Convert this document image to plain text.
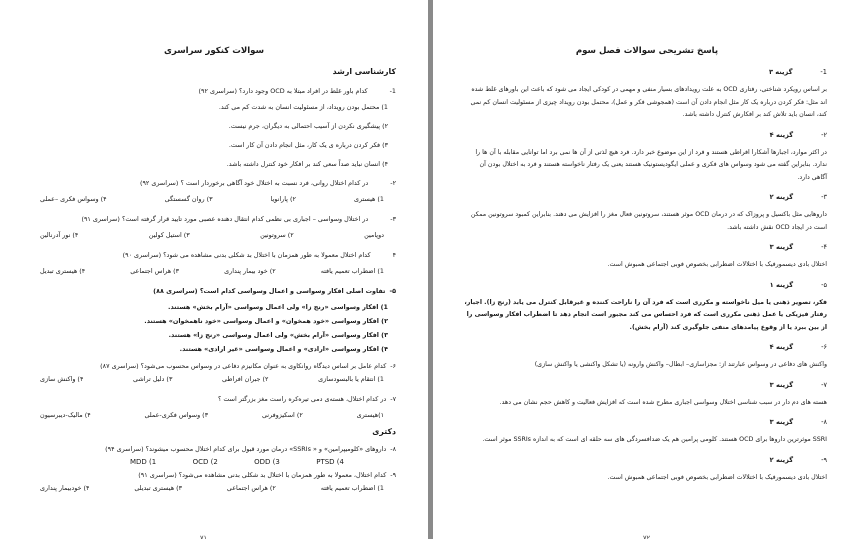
سوالات کنکور سراسری
کارشناسی ارشد
1-کدام باور غلط در افراد مبتلا به OCD وجود دارد؟ (سراسری ۹۲)
1) محتمل بودن رویداد، از مسئولیت انسان به شدت کم می کند.
۲) پیشگیری نکردن از آسیب احتمالی به دیگران، جرم نیست.
۳) فکر کردن درباره ی یک کار، مثل انجام دادن آن کار است.
۴) انسان نباید صداً سعی کند بر افکار خود کنترل داشته باشد.
۲-در کدام اختلال روانی، فرد نسبت به اختلال خود آگاهی برخوردار است ؟ (سراسری ۹۲)
1) هیستری
۲) پارانویا
۳) روان گسستگی
۴) وسواس فکری –عملی
۳-در اختلال وسواسی – اجباری بی نظمی کدام انتقال دهنده عصبی مورد تایید قرار گرفته است؟ (سراسری ۹۱)
دوپامین
۲) سروتونین
۳) استیل کولین
۴) نور آدرنالین
۴کدام اختلال معمولا به طور همزمان با اختلال بد شکلی بدنی مشاهده می شود؟ (سراسری ۹۰)
1) اضطراب تعمیم یافته
۲) خود بیمار پنداری
۳) هراس اجتماعی
۴) هیستری تبدیل
۵-تفاوت اصلی افکار وسواسی و اعمال وسواسی کدام است؟ (سراسری ۸۸)
1) افکار وسواسی «رنج زا» ولی اعمال وسواسی «آرام بخش» هستند.
۲) افکار وسواسی «خود همخوان» و اعمال وسواسی «خود ناهمخوان» هستند.
۳) افکار وسواسی «آرام بخش» ولی اعمال وسواسی «رنج زا» هستند.
۴) افکار وسواسی «ارادی» و اعمال وسواسی «غیر ارادی» هستند.
۶-کدام عامل بر اساس دیدگاه روانکاوی به عنوان مکانیزم دفاعی در وسواس محسوب می‌شود؟ (سراسری ۸۷)
1) انتقام یا بالبسودسازی
۲) جبران افراطی
۳) دلیل تراشی
۴) واکنش سازی
۷-در کدام اختلال، هسته‌ی دمی تیره‌کره راست مغز بزرگتر است ؟
۱)هیستری
۲) اسکیزوفرنی
۳) وسواس فکری-عملی
۴) مالیک-دیبرسیون
دکتری
۸-داروهای «کلومیپرامین» و « SSRIs» درمان مورد قبول برای کدام اختلال محسوب میشوند؟ (سراسری ۹۴)
MDD (1	OCD (2	ODD (3	PTSD (4
۹-کدام اختلال، معمولا به طور همزمان با اختلال بد شکلی بدنی مشاهده می‌شود؟ (سراسری ۹۱)
1) اضطراب تعمیم یافته
۲) هراس اجتماعی
۳) هیستری تبدیلی
۴) خودبیمار پنداری
۷۱
پاسخ تشریحی سوالات فصل سوم
1-
گزینه ۳
بر اساس رویکرد شناختی، رفتاری OCD به علت رویدادهای بسیار منفی و مهمی در کودکی ایجاد می شود که باعث این باورهای غلط شده اند مثل: فکر کردن درباره یک کار مثل انجام دادن آن است (همجوشی فکر و عمل)، محتمل بودن رویداد چیزی از مسئولیت انسان کم نمی کند، انسان باید تلاش کند بر افکارش کنترل داشته باشد.
۲-
گزینه ۴
در اکثر موارد، اجبارها آشکارا افراطی هستند و فرد از این موضوع خبر دارد. فرد هیچ لذتی از آن ها نمی برد اما توانایی مقابله با آن ها را ندارد. بنابراین گفته می شود وسواس های فکری و عملی ایگودیستونیک هستند یعنی یک رفتار ناخواسته هستند و فرد به اختلال بودن آن آگاهی دارد.
۳-
گزینه ۲
داروهایی مثل باکسیل و پروزاک که در درمان OCD موثر هستند، سروتونین فعال مغز را افزایش می دهند. بنابراین کمبود سروتونین ممکن است در ایجاد OCD نقش داشته باشد.
۴-
گزینه ۳
اختلال بادی دیسمورفیک با اختلالات اضطرابی بخصوص فوبی اجتماعی همبوش است.
۵-
گزینه ۱
فکر، تصویر ذهنی یا میل ناخواسته و مکرری است که فرد آن را ناراحت کننده و غیرقابل کنترل می یابد (رنج زا). اجبار، رفتار فیزیکی یا عمل ذهنی مکرری است که فرد احساس می کند مجبور است انجام دهد تا اضطراب افکار وسواسی را از بین ببرد یا از وقوع پیامدهای منفی جلوگیری کند (آرام بخش).
۶-
گزینه ۴
واکنش های دفاعی در وسواس عبارتند از: مجزاسازی– ابطال– واکنش وارونه (یا تشکل واکنشی یا واکنش سازی)
۷-
گزینه ۳
هسته های دم دار در سبب شناسی اختلال وسواسی اجباری مطرح شده است که افزایش فعالیت و کاهش حجم نشان می دهد.
۸-
گزینه ۳
SSRI موثرترین داروها برای OCD هستند. کلومی پرامین هم یک ضدافسردگی های سه حلقه ای است که به اندازه SSRIs موثر است.
۹-
گزینه ۲
اختلال بادی دیسمورفیک با اختلالات اضطرابی بخصوص فوبی اجتماعی همبوش است.
۷۲
